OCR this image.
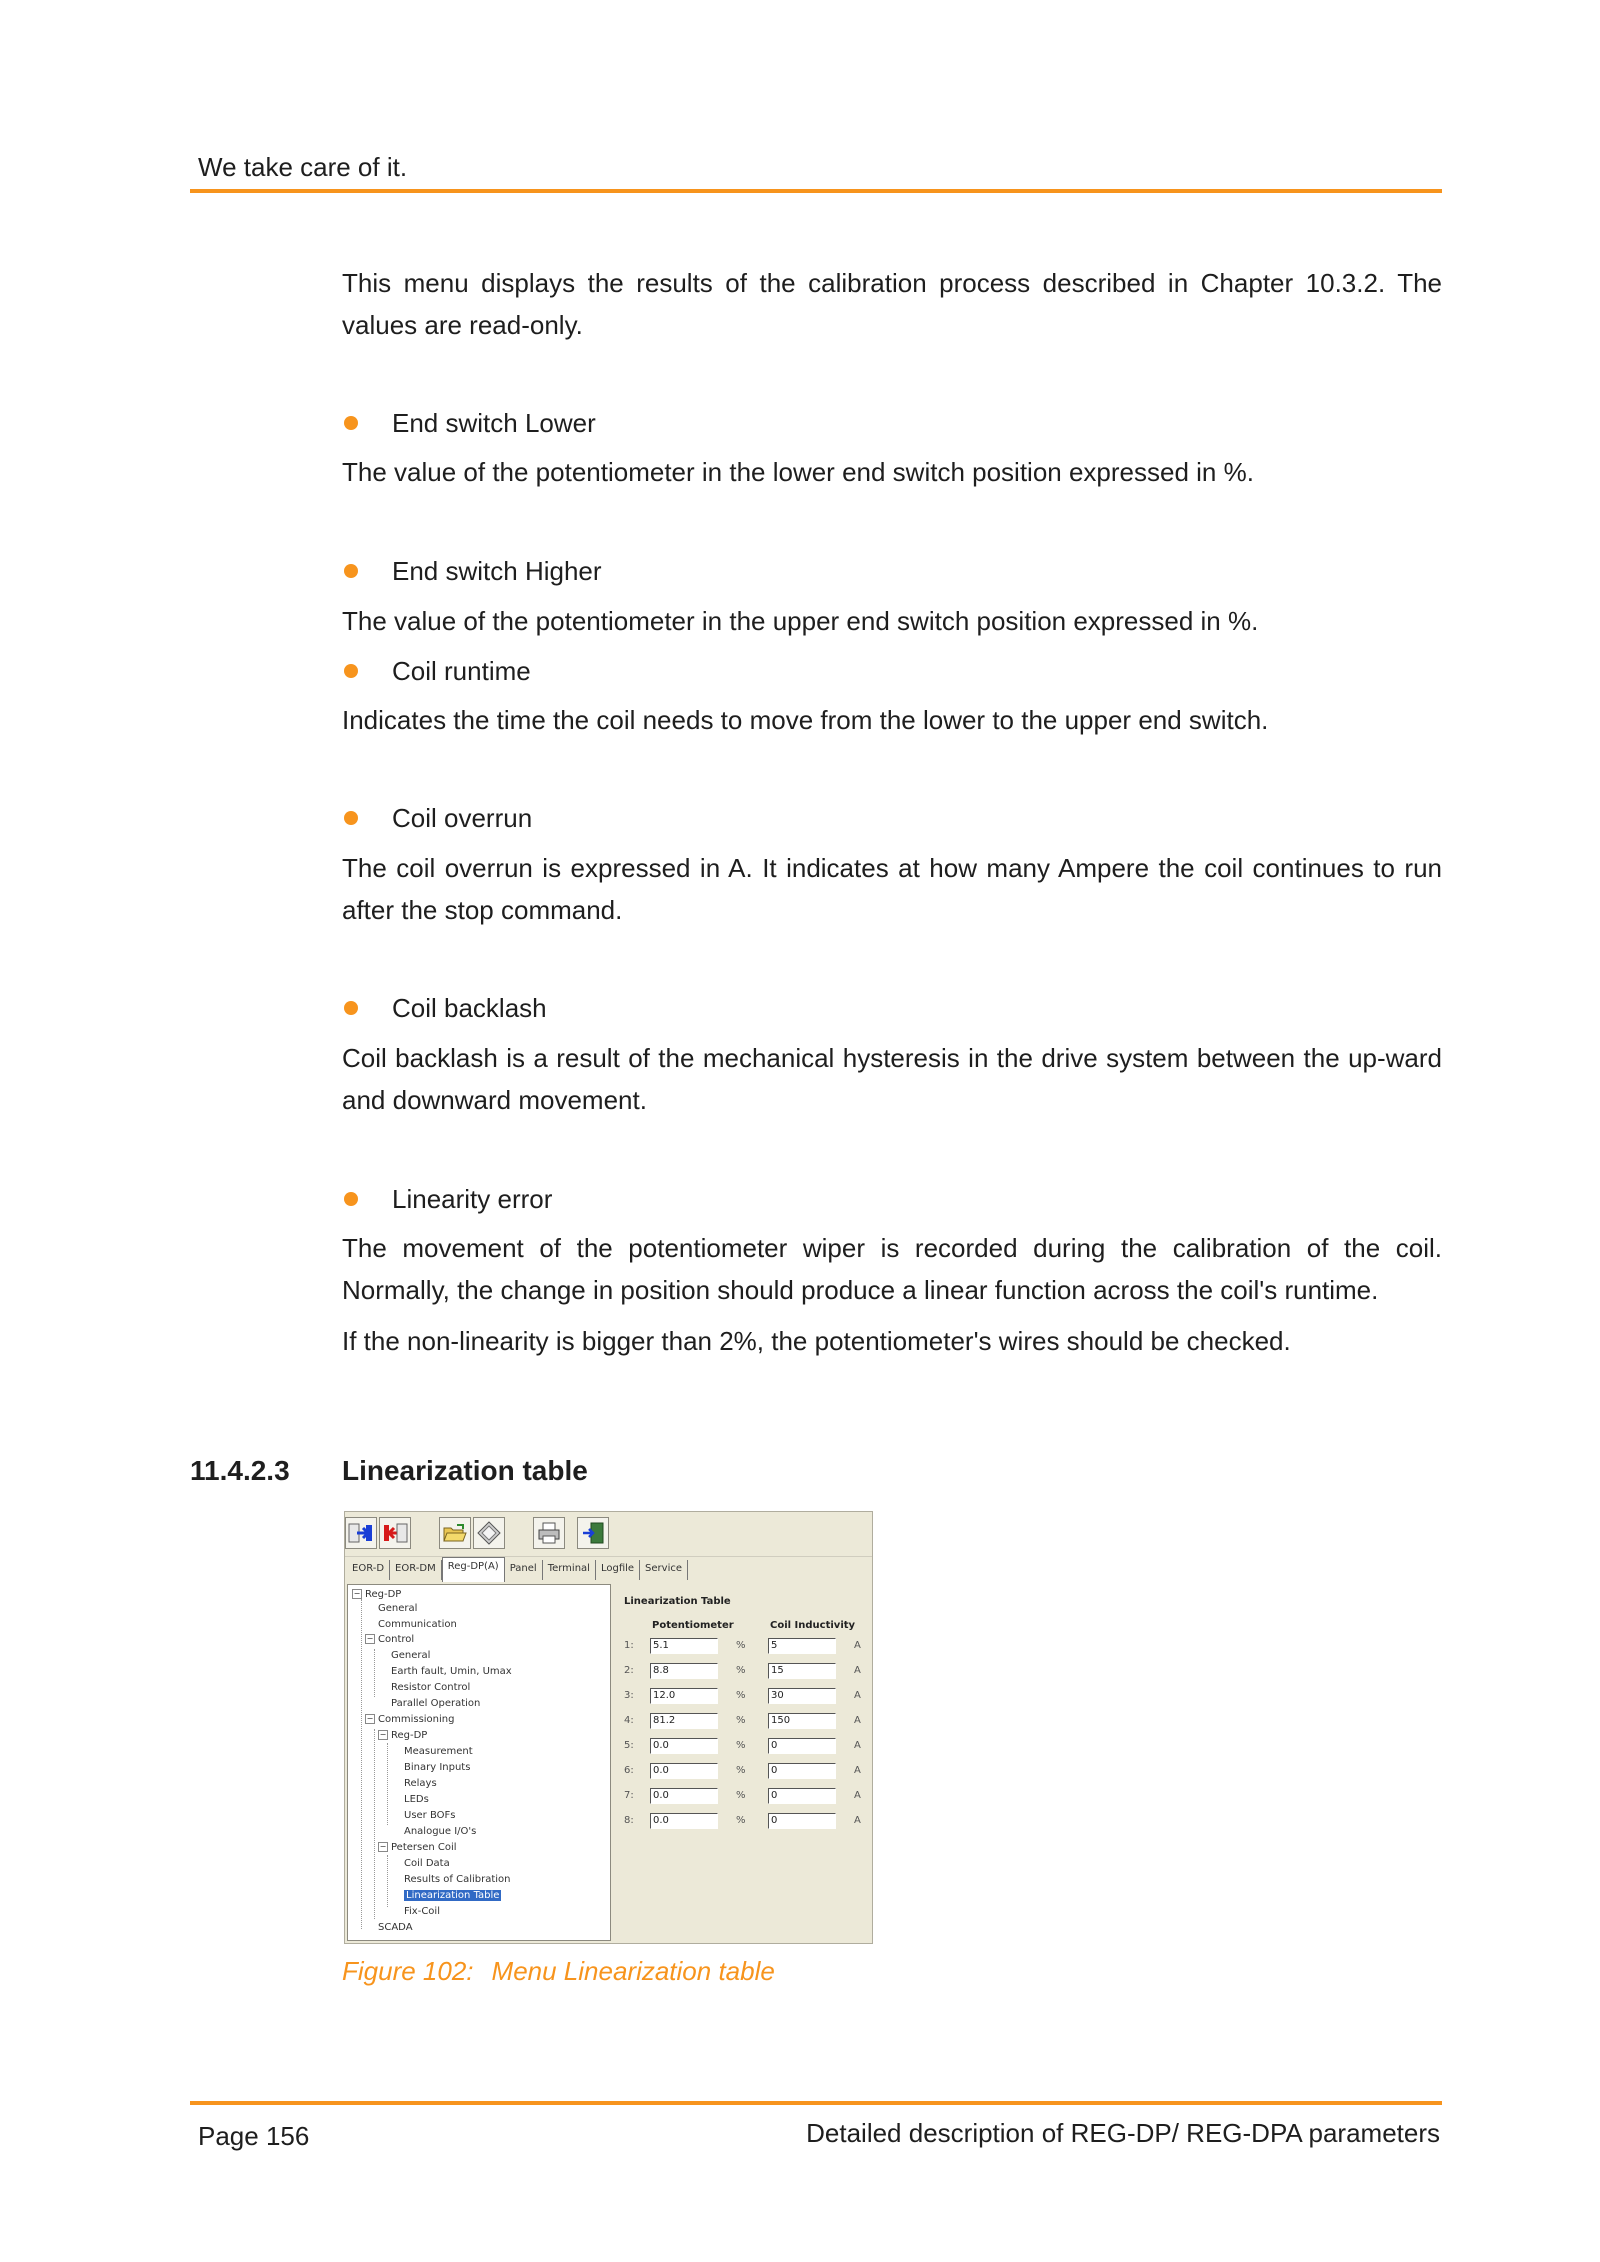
We take care of it.

This menu displays the results of the calibration process described in Chapter 10.3.2. The values are read-only.

End switch Lower

The value of the potentiometer in the lower end switch position expressed in %.

End switch Higher

The value of the potentiometer in the upper end switch position expressed in %.

Coil runtime

Indicates the time the coil needs to move from the lower to the upper end switch.

Coil overrun

The coil overrun is expressed in A. It indicates at how many Ampere the coil continues to run after the stop command.

Coil backlash

Coil backlash is a result of the mechanical hysteresis in the drive system between the up-ward and downward movement.

Linearity error

The movement of the potentiometer wiper is recorded during the calibration of the coil. Normally, the change in position should produce a linear function across the coil's runtime.

If the non-linearity is bigger than 2%, the potentiometer's wires should be checked.

11.4.2.3	Linearization table
EOR-D	EOR-DM	Reg-DP(A)	Panel	Terminal	Logfile	Service
− Reg-DP
General
Communication
− Control
General
Earth fault, Umin, Umax
Resistor Control
Parallel Operation
− Commissioning
− Reg-DP
Measurement
Binary Inputs
Relays
LEDs
User BOFs
Analogue I/O's
− Petersen Coil
Coil Data
Results of Calibration
Linearization Table
Fix-Coil
SCADA
Linearization Table
Potentiometer	Coil Inductivity
1:	5.1	%	5	A
2:	8.8	%	15	A
3:	12.0	%	30	A
4:	81.2	%	150	A
5:	0.0	%	0	A
6:	0.0	%	0	A
7:	0.0	%	0	A
8:	0.0	%	0	A
Figure 102: Menu Linearization table
Page 156	Detailed description of REG-DP/ REG-DPA parameters
